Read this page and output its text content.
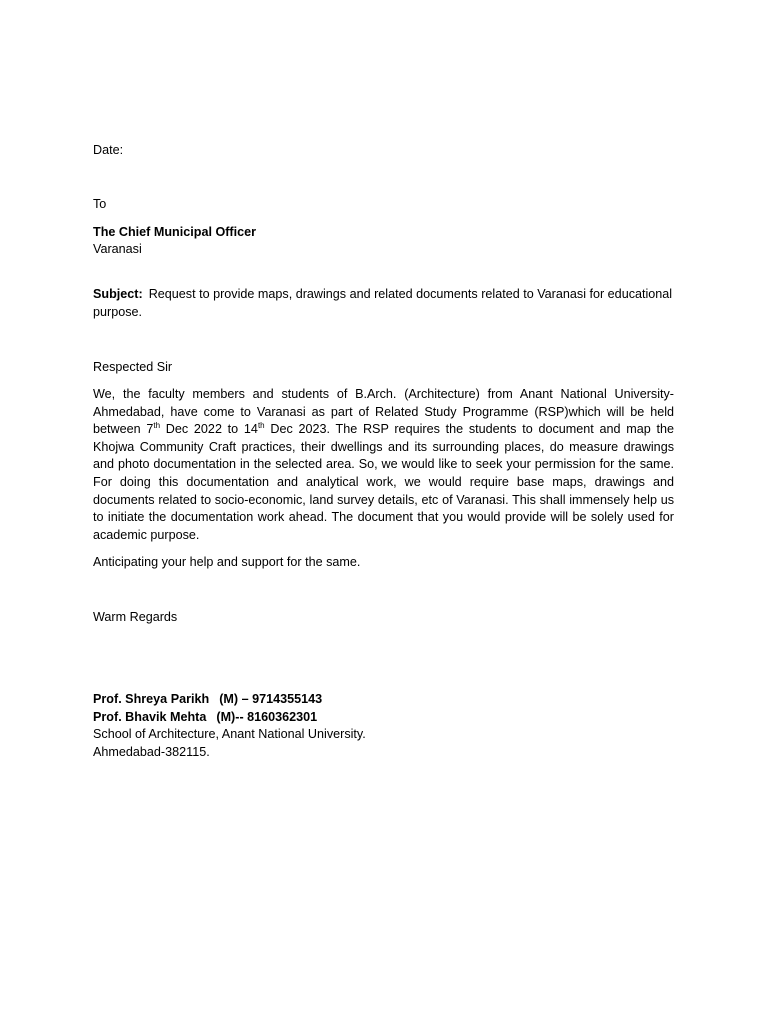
Date:
To
The Chief Municipal Officer
Varanasi
Subject: Request to provide maps, drawings and related documents related to Varanasi for educational purpose.
Respected Sir
We, the faculty members and students of B.Arch. (Architecture) from Anant National University-Ahmedabad, have come to Varanasi as part of Related Study Programme (RSP)which will be held between 7th Dec 2022 to 14th Dec 2023. The RSP requires the students to document and map the Khojwa Community Craft practices, their dwellings and its surrounding places, do measure drawings and photo documentation in the selected area. So, we would like to seek your permission for the same. For doing this documentation and analytical work, we would require base maps, drawings and documents related to socio-economic, land survey details, etc of Varanasi. This shall immensely help us to initiate the documentation work ahead. The document that you would provide will be solely used for academic purpose.
Anticipating your help and support for the same.
Warm Regards
Prof. Shreya Parikh (M) – 9714355143
Prof. Bhavik Mehta (M)-- 8160362301
School of Architecture, Anant National University.
Ahmedabad-382115.
